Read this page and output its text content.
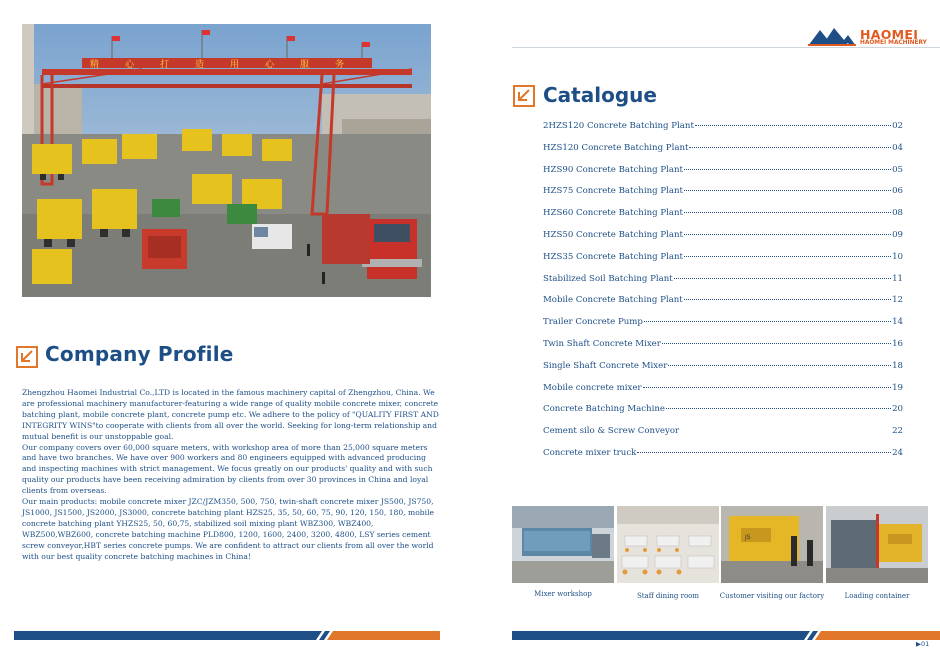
精	心	打	造	用	心	服	务
Company Profile

Zhengzhou Haomei Industrial Co.,LTD is located in the famous machinery capital of Zhengzhou, China. We are professional machinery manufacturer-featuring a wide range of quality mobile concrete mixer, concrete batching plant, mobile concrete plant, concrete pump etc. We adhere to the policy of "QUALITY FIRST AND INTEGRITY WINS"to cooperate with clients from all over the world. Seeking for long-term relationship and mutual benefit is our unstoppable goal.

Our company covers over 60,000 square meters, with workshop area of more than 25,000 square meters and have two branches. We have over 900 workers and 80 engineers equipped with advanced producing and inspecting machines with strict management. We focus greatly on our products' quality and with such quality our products have been receiving admiration by clients from over 30 provinces in China and loyal clients from overseas.

Our main products: mobile concrete mixer JZC/JZM350, 500, 750, twin-shaft concrete mixer JS500, JS750, JS1000, JS1500, JS2000, JS3000, concrete batching plant HZS25, 35, 50, 60, 75, 90, 120, 150, 180, mobile concrete batching plant YHZS25, 50, 60,75, stabilized soil mixing plant WBZ300, WBZ400, WBZ500,WBZ600, concrete batching machine PLD800, 1200, 1600, 2400, 3200, 4800, LSY series cement screw conveyor,HBT series concrete pumps. We are confident to attract our clients from all over the world with our best quality concrete batching machines in China!

HAOMEI
HAOMEI MACHINERY
Catalogue
2HZS120 Concrete Batching Plant	02
HZS120 Concrete Batching Plant	04
HZS90 Concrete Batching Plant	05
HZS75 Concrete Batching Plant	06
HZS60 Concrete Batching Plant	08
HZS50 Concrete Batching Plant	09
HZS35 Concrete Batching Plant	10
Stabilized Soil Batching Plant	11
Mobile Concrete Batching Plant	12
Trailer Concrete Pump	14
Twin Shaft Concrete Mixer	16
Single Shaft Concrete Mixer	18
Mobile concrete mixer	19
Concrete Batching Machine	20
Cement silo & Screw Conveyor	22
Concrete mixer truck	24
JS
Mixer workshop	Staff dining room	Customer visiting our factory	Loading container
▶01
